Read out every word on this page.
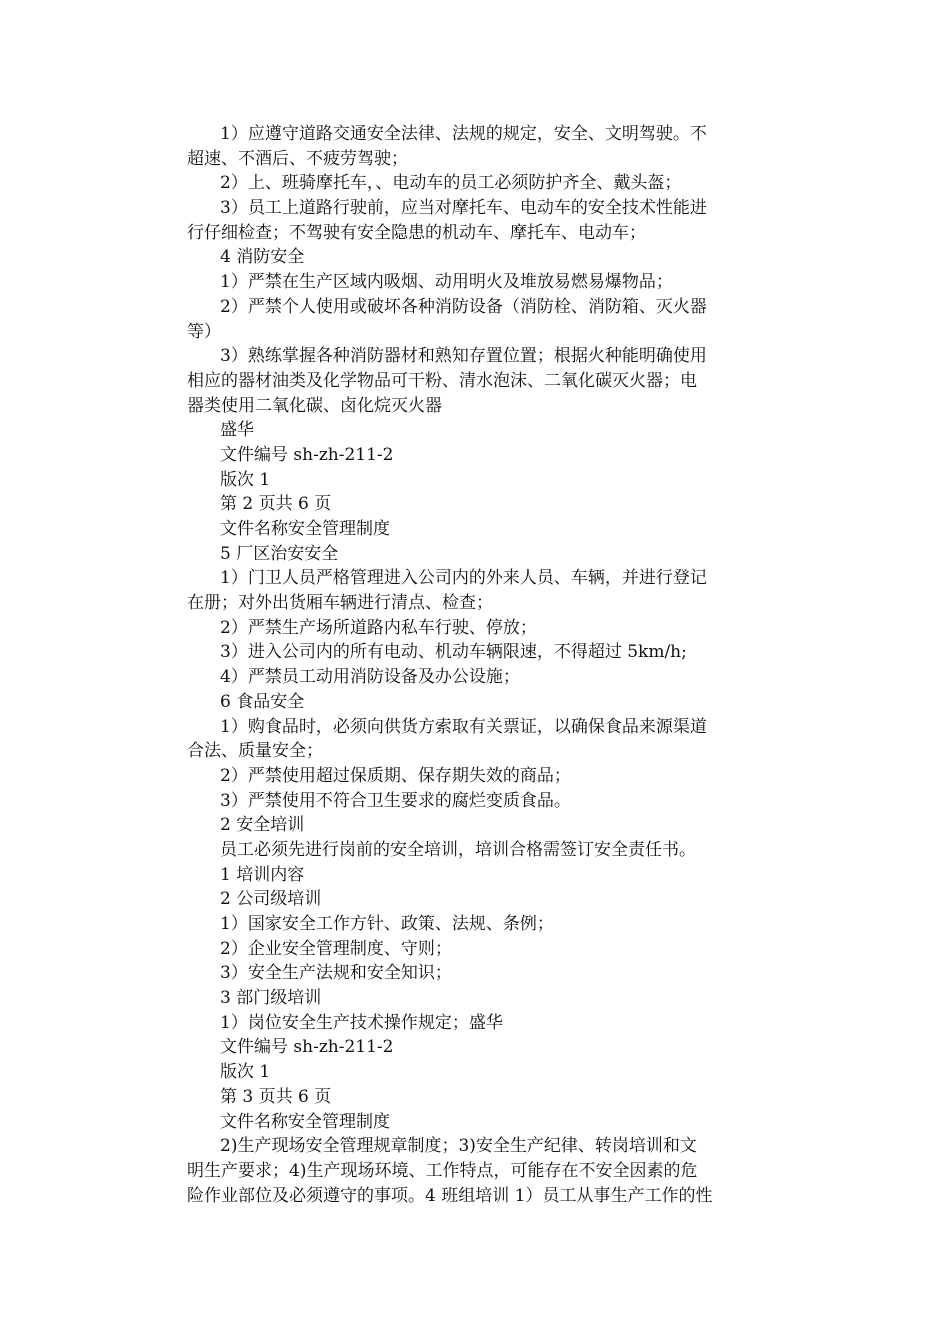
1）应遵守道路交通安全法律、法规的规定，安全、文明驾驶。不
超速、不酒后、不疲劳驾驶；
2）上、班骑摩托车，、电动车的员工必须防护齐全、戴头盔；
3）员工上道路行驶前，应当对摩托车、电动车的安全技术性能进
行仔细检查；不驾驶有安全隐患的机动车、摩托车、电动车；
4 消防安全
1）严禁在生产区域内吸烟、动用明火及堆放易燃易爆物品；
2）严禁个人使用或破坏各种消防设备（消防栓、消防箱、灭火器
等）
3）熟练掌握各种消防器材和熟知存置位置；根据火种能明确使用
相应的器材油类及化学物品可干粉、清水泡沫、二氧化碳灭火器；电
器类使用二氧化碳、卤化烷灭火器
盛华
文件编号 sh-zh-211-2
版次 1
第 2 页共 6 页
文件名称安全管理制度
5 厂区治安安全
1）门卫人员严格管理进入公司内的外来人员、车辆，并进行登记
在册；对外出货厢车辆进行清点、检查；
2）严禁生产场所道路内私车行驶、停放；
3）进入公司内的所有电动、机动车辆限速，不得超过 5km/h;
4）严禁员工动用消防设备及办公设施；
6 食品安全
1）购食品时，必须向供货方索取有关票证，以确保食品来源渠道
合法、质量安全；
2）严禁使用超过保质期、保存期失效的商品；
3）严禁使用不符合卫生要求的腐烂变质食品。
2 安全培训
员工必须先进行岗前的安全培训，培训合格需签订安全责任书。
1 培训内容
2 公司级培训
1）国家安全工作方针、政策、法规、条例；
2）企业安全管理制度、守则；
3）安全生产法规和安全知识；
3 部门级培训
1）岗位安全生产技术操作规定；盛华
文件编号 sh-zh-211-2
版次 1
第 3 页共 6 页
文件名称安全管理制度
2)生产现场安全管理规章制度；3)安全生产纪律、转岗培训和文
明生产要求；4)生产现场环境、工作特点，可能存在不安全因素的危
险作业部位及必须遵守的事项。4 班组培训 1）员工从事生产工作的性
